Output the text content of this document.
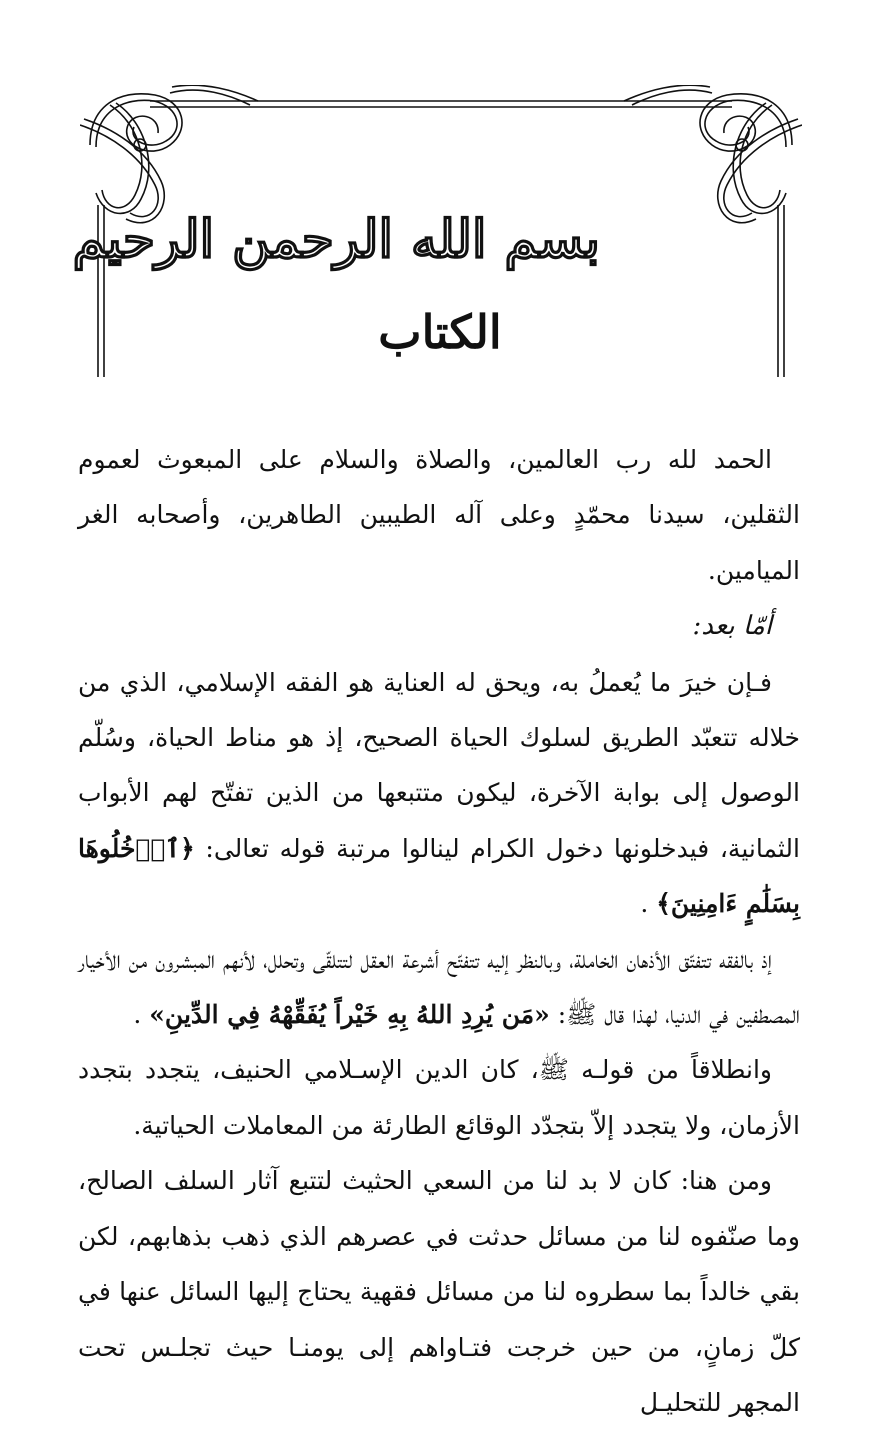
بسم الله الرحمن الرحيم
الكتاب

الحمد لله رب العالمين، والصلاة والسلام على المبعوث لعموم الثقلين، سيدنا محمّدٍ وعلى آله الطيبين الطاهرين، وأصحابه الغر الميامين.

أمّا بعد:

فـإن خيرَ ما يُعملُ به، ويحق له العناية هو الفقه الإسلامي، الذي من خلاله تتعبّد الطريق لسلوك الحياة الصحيح، إذ هو مناط الحياة، وسُلّم الوصول إلى بوابة الآخرة، ليكون متتبعها من الذين تفتّح لهم الأبواب الثمانية، فيدخلونها دخول الكرام لينالوا مرتبة قوله تعالى: ﴿ٱدۡخُلُوهَا بِسَلَٰمٍ ءَامِنِينَ﴾ .

إذ بالفقه تتفتّق الأذهان الخاملة، وبالنظر إليه تتفتّح أشرعة العقل لتتلقّى وتحلل، لأنهم المبشرون من الأخيار المصطفين في الدنيا، لهذا قال ﷺ: «مَن يُرِدِ اللهُ بِهِ خَيْراً يُفَقِّهْهُ فِي الدِّينِ» .

وانطلاقاً من قولـه ﷺ، كان الدين الإسـلامي الحنيف، يتجدد بتجدد الأزمان، ولا يتجدد إلاّ بتجدّد الوقائع الطارئة من المعاملات الحياتية.

ومن هنا: كان لا بد لنا من السعي الحثيث لتتبع آثار السلف الصالح، وما صنّفوه لنا من مسائل حدثت في عصرهم الذي ذهب بذهابهم، لكن بقي خالداً بما سطروه لنا من مسائل فقهية يحتاج إليها السائل عنها في كلّ زمانٍ، من حين خرجت فتـاواهم إلى يومنـا حيث تجلـس تحت المجهر للتحليـل
